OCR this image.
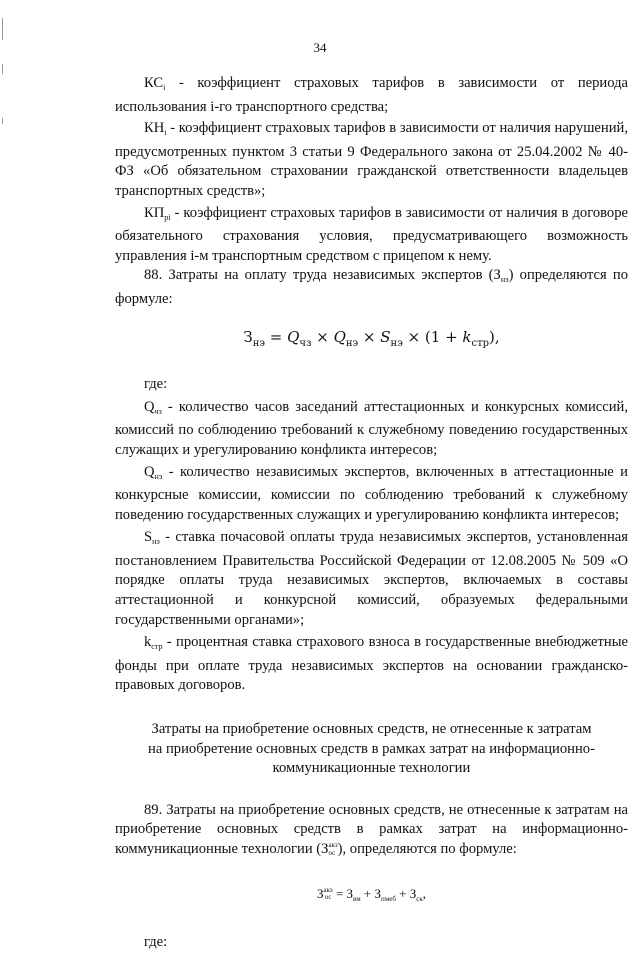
34

$КС_i$ - коэффициент страховых тарифов в зависимости от периода использования i-го транспортного средства;

$КН_i$ - коэффициент страховых тарифов в зависимости от наличия нарушений, предусмотренных пунктом 3 статьи 9 Федерального закона от 25.04.2002 № 40-ФЗ «Об обязательном страховании гражданской ответственности владельцев транспортных средств»;

$КП_{рi}$ - коэффициент страховых тарифов в зависимости от наличия в договоре обязательного страхования условия, предусматривающего возможность управления i-м транспортным средством с прицепом к нему.

88. Затраты на оплату труда независимых экспертов $(З_{нэ})$ определяются по формуле:

$З_{нэ} = Q_{чз} \times Q_{нэ} \times S_{нэ} \times (1 + k_{стр})$,

где:

$Q_{чз}$ - количество часов заседаний аттестационных и конкурсных комиссий, комиссий по соблюдению требований к служебному поведению государственных служащих и урегулированию конфликта интересов;

$Q_{нэ}$ - количество независимых экспертов, включенных в аттестационные и конкурсные комиссии, комиссии по соблюдению требований к служебному поведению государственных служащих и урегулированию конфликта интересов;

$S_{нэ}$ - ставка почасовой оплаты труда независимых экспертов, установленная постановлением Правительства Российской Федерации от 12.08.2005 № 509 «О порядке оплаты труда независимых экспертов, включаемых в составы аттестационной и конкурсной комиссий, образуемых федеральными государственными органами»;

$k_{стр}$ - процентная ставка страхового взноса в государственные внебюджетные фонды при оплате труда независимых экспертов на основании гражданско-правовых договоров.

Затраты на приобретение основных средств, не отнесенные к затратам на приобретение основных средств в рамках затрат на информационно-коммуникационные технологии

89. Затраты на приобретение основных средств, не отнесенные к затратам на приобретение основных средств в рамках затрат на информационно-коммуникационные технологии (З акз
ос ), определяются по формуле:

З акз
ос = $З_{вм} + З_{пмеб} + З_{ск}$,

где:
